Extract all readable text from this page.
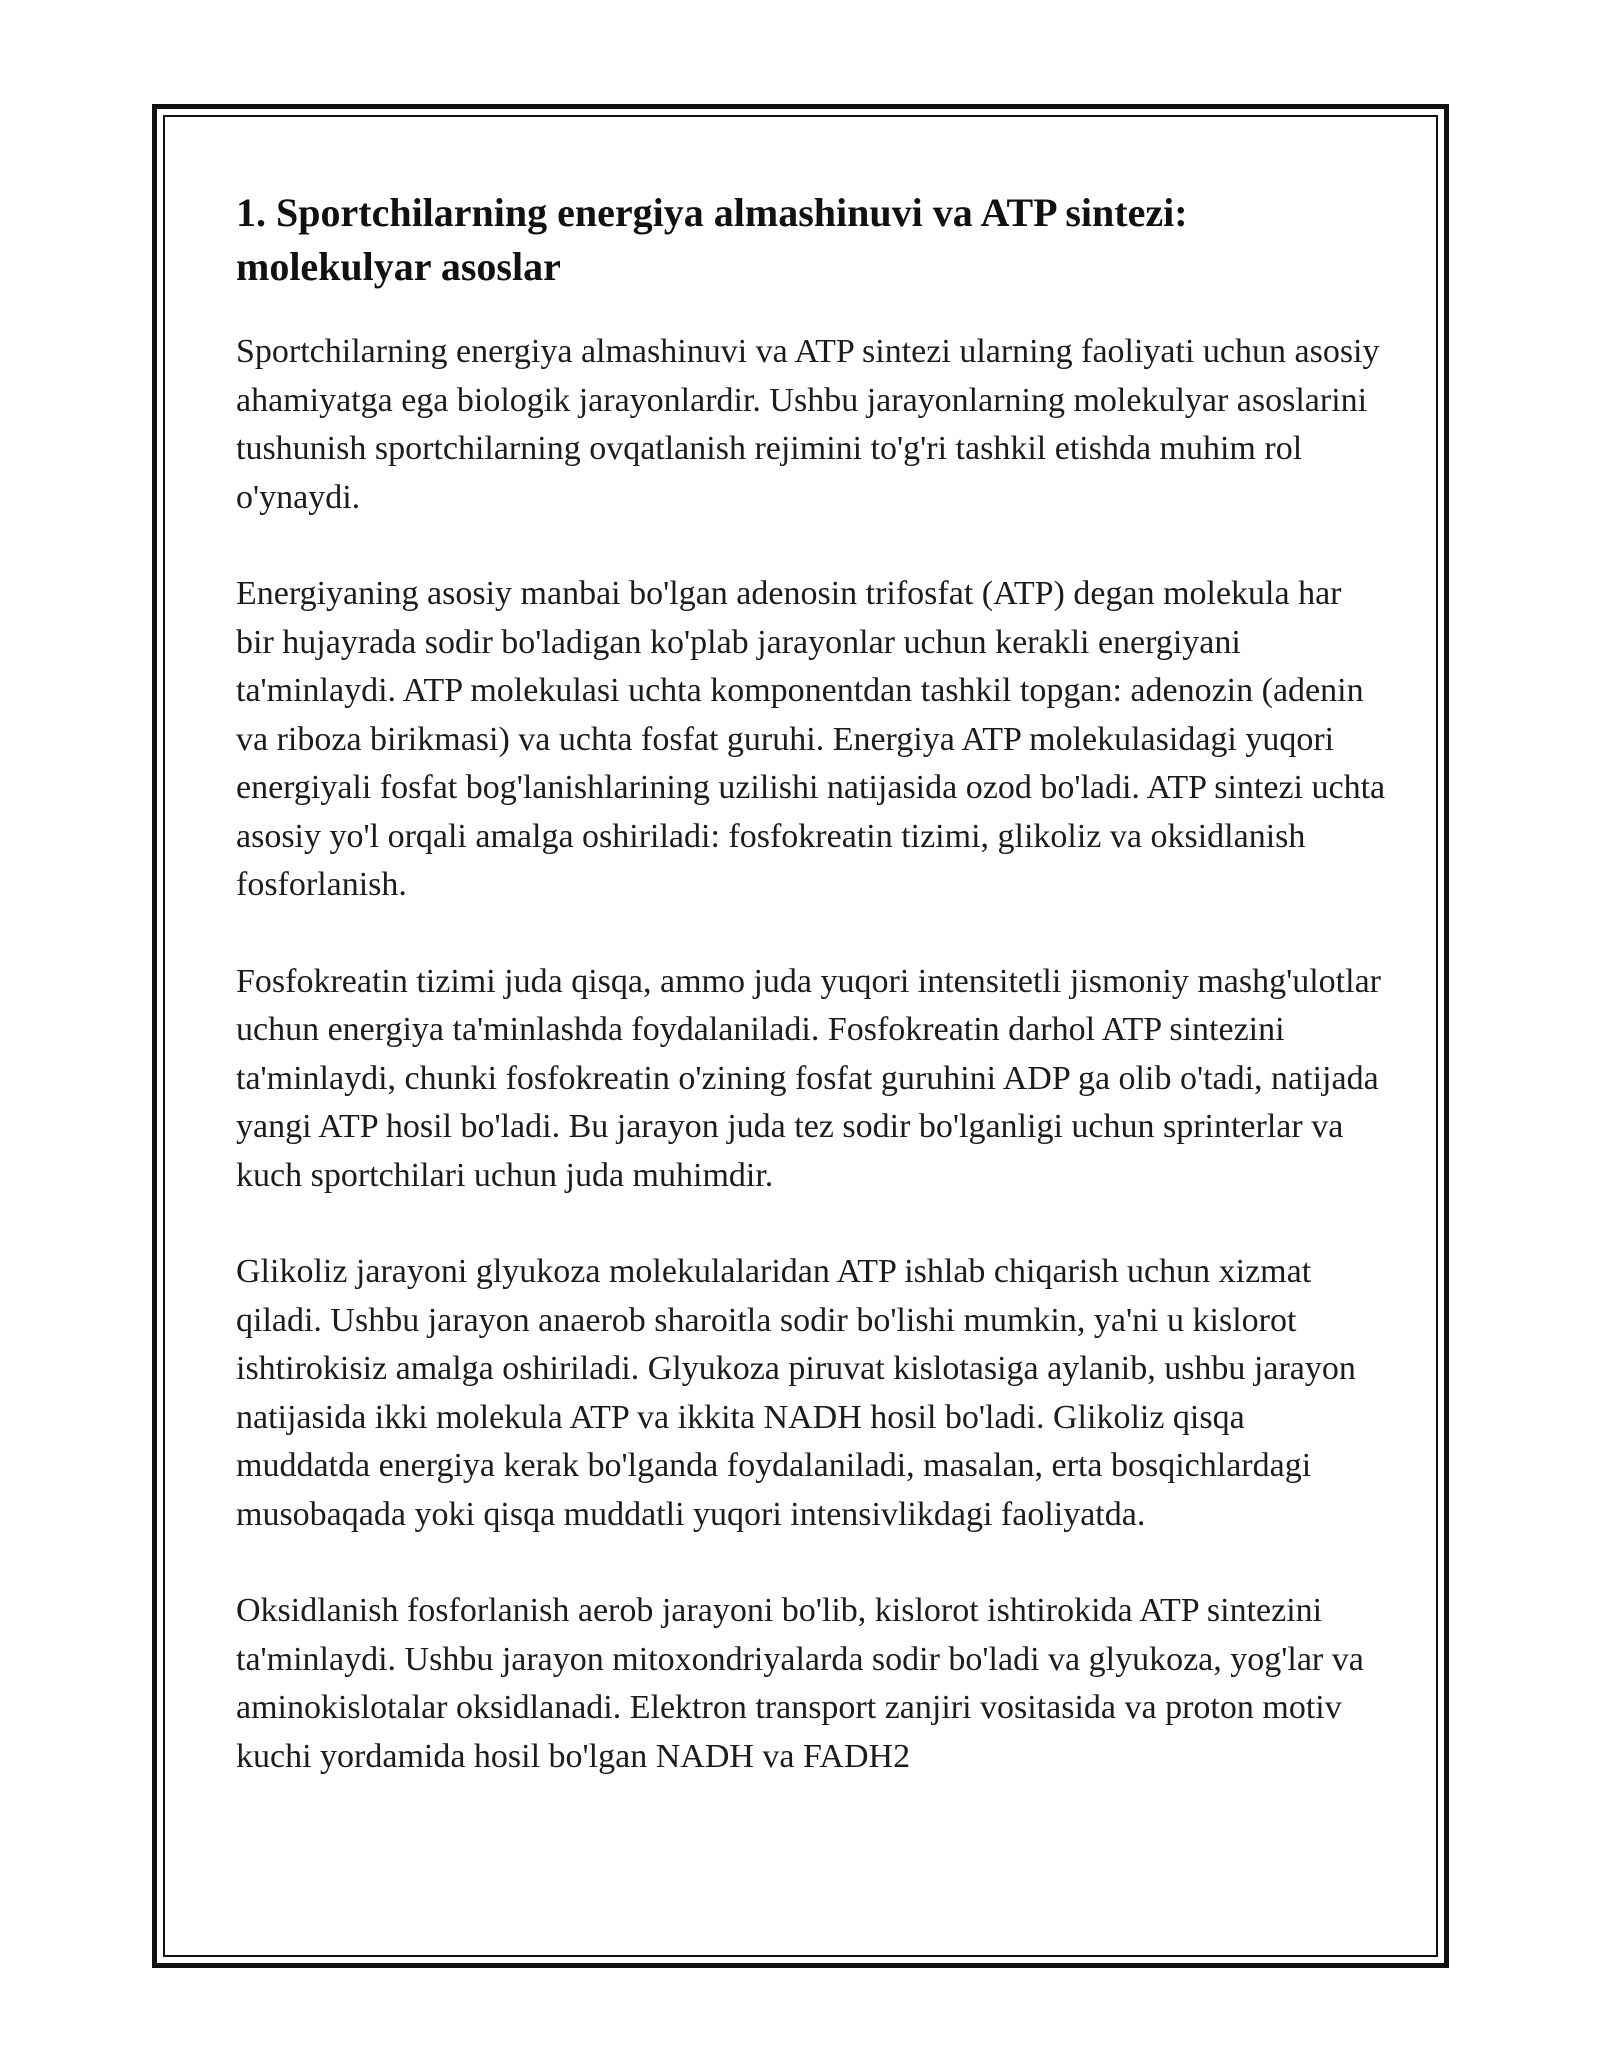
1. Sportchilarning energiya almashinuvi va ATP sintezi: molekulyar asoslar

Sportchilarning energiya almashinuvi va ATP sintezi ularning faoliyati uchun asosiy ahamiyatga ega biologik jarayonlardir. Ushbu jarayonlarning molekulyar asoslarini tushunish sportchilarning ovqatlanish rejimini to'g'ri tashkil etishda muhim rol o'ynaydi.

Energiyaning asosiy manbai bo'lgan adenosin trifosfat (ATP) degan molekula har bir hujayrada sodir bo'ladigan ko'plab jarayonlar uchun kerakli energiyani ta'minlaydi. ATP molekulasi uchta komponentdan tashkil topgan: adenozin (adenin va riboza birikmasi) va uchta fosfat guruhi. Energiya ATP molekulasidagi yuqori energiyali fosfat bog'lanishlarining uzilishi natijasida ozod bo'ladi. ATP sintezi uchta asosiy yo'l orqali amalga oshiriladi: fosfokreatin tizimi, glikoliz va oksidlanish fosforlanish.

Fosfokreatin tizimi juda qisqa, ammo juda yuqori intensitetli jismoniy mashg'ulotlar uchun energiya ta'minlashda foydalaniladi. Fosfokreatin darhol ATP sintezini ta'minlaydi, chunki fosfokreatin o'zining fosfat guruhini ADP ga olib o'tadi, natijada yangi ATP hosil bo'ladi. Bu jarayon juda tez sodir bo'lganligi uchun sprinterlar va kuch sportchilari uchun juda muhimdir.

Glikoliz jarayoni glyukoza molekulalaridan ATP ishlab chiqarish uchun xizmat qiladi. Ushbu jarayon anaerob sharoitla sodir bo'lishi mumkin, ya'ni u kislorot ishtirokisiz amalga oshiriladi. Glyukoza piruvat kislotasiga aylanib, ushbu jarayon natijasida ikki molekula ATP va ikkita NADH hosil bo'ladi. Glikoliz qisqa muddatda energiya kerak bo'lganda foydalaniladi, masalan, erta bosqichlardagi musobaqada yoki qisqa muddatli yuqori intensivlikdagi faoliyatda.

Oksidlanish fosforlanish aerob jarayoni bo'lib, kislorot ishtirokida ATP sintezini ta'minlaydi. Ushbu jarayon mitoxondriyalarda sodir bo'ladi va glyukoza, yog'lar va aminokislotalar oksidlanadi. Elektron transport zanjiri vositasida va proton motiv kuchi yordamida hosil bo'lgan NADH va FADH2
